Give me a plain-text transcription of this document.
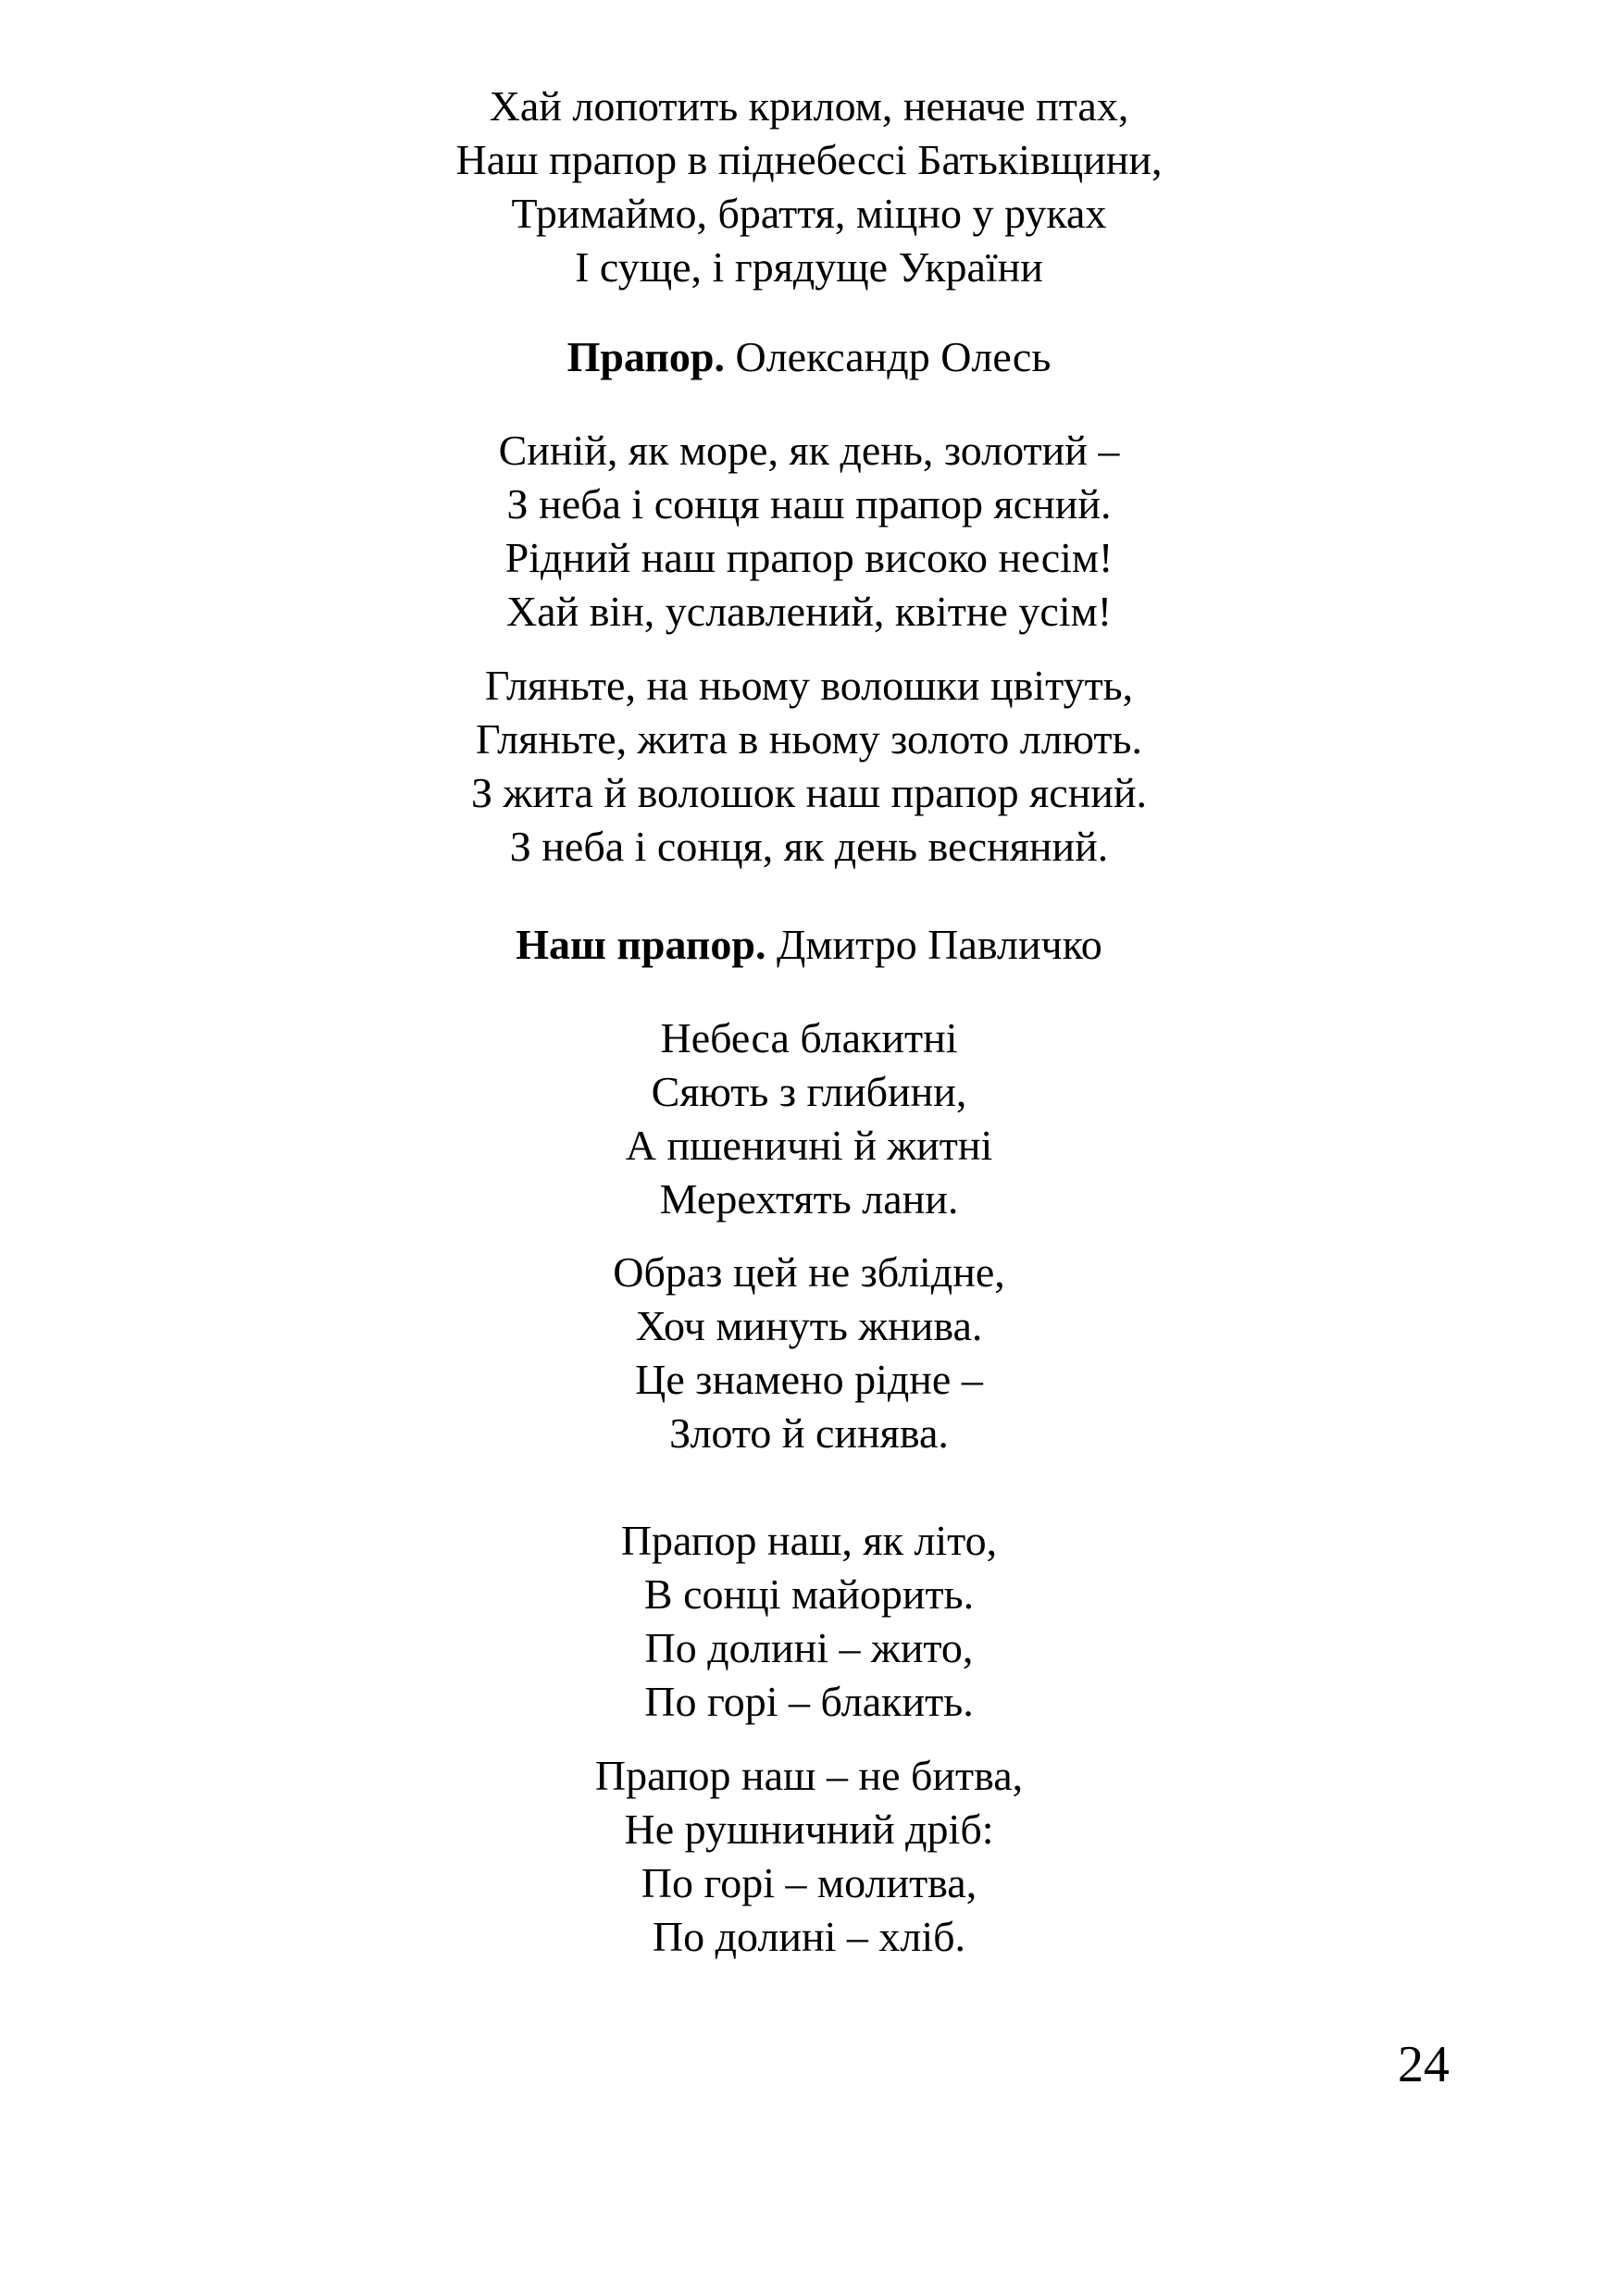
Хай лопотить крилом, неначе птах,
Наш прапор в піднебессі Батьківщини,
Тримаймо, браття, міцно у руках
І суще, і грядуще України
Прапор. Олександр Олесь
Синій, як море, як день, золотий –
З неба і сонця наш прапор ясний.
Рідний наш прапор високо несім!
Хай він, уславлений, квітне усім!
Гляньте, на ньому волошки цвітуть,
Гляньте, жита в ньому золото ллють.
З жита й волошок наш прапор ясний.
З неба і сонця, як день весняний.
Наш прапор. Дмитро Павличко
Небеса блакитні
Сяють з глибини,
А пшеничні й житні
Мерехтять лани.
Образ цей не зблідне,
Хоч минуть жнива.
Це знамено рідне –
Злото й синява.
Прапор наш, як літо,
В сонці майорить.
По долині – жито,
По горі – блакить.
Прапор наш – не битва,
Не рушничний дріб:
По горі – молитва,
По долині – хліб.
24
